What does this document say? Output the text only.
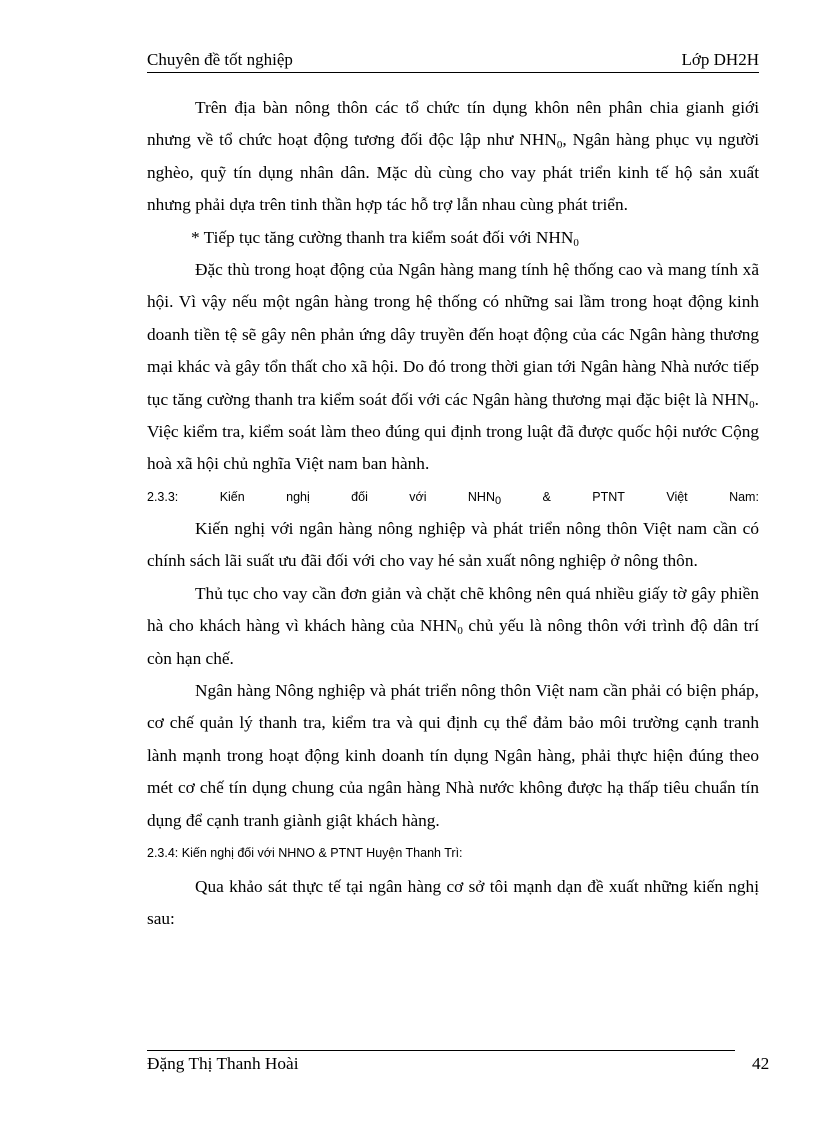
Chuyên đề tốt nghiệp	Lớp DH2H

Trên địa bàn nông thôn các tổ chức tín dụng khôn nên phân chia gianh giới nhưng về tổ chức hoạt động tương đối độc lập như $NHN_0$, Ngân hàng phục vụ người nghèo, quỹ tín dụng nhân dân. Mặc dù cùng cho vay phát triển kinh tế hộ sản xuất nhưng phải dựa trên tinh thần hợp tác hỗ trợ lẫn nhau cùng phát triển.

* Tiếp tục tăng cường thanh tra kiểm soát đối với $NHN_0$

Đặc thù trong hoạt động của Ngân hàng mang tính hệ thống cao và mang tính xã hội. Vì vậy nếu một ngân hàng trong hệ thống có những sai lầm trong hoạt động kinh doanh tiền tệ sẽ gây nên phản ứng dây truyền đến hoạt động của các Ngân hàng thương mại khác và gây tổn thất cho xã hội. Do đó trong thời gian tới Ngân hàng Nhà nước tiếp tục tăng cường thanh tra kiểm soát đối với các Ngân hàng thương mại đặc biệt là $NHN_0$. Việc kiểm tra, kiểm soát làm theo đúng qui định trong luật đã được quốc hội nước Cộng hoà xã hội chủ nghĩa Việt nam ban hành.

2.3.3:	Kiến	nghị	đối	với	$NHN_0$	&	PTNT	Việt	Nam:

Kiến nghị với ngân hàng nông nghiệp và phát triển nông thôn Việt nam cần có chính sách lãi suất ưu đãi đối với cho vay hé sản xuất nông nghiệp ở nông thôn.

Thủ tục cho vay cần đơn giản và chặt chẽ không nên quá nhiều giấy tờ gây phiền hà cho khách hàng vì khách hàng của $NHN_0$ chủ yếu là nông thôn với trình độ dân trí còn hạn chế.

Ngân hàng Nông nghiệp và phát triển nông thôn Việt nam cần phải có biện pháp, cơ chế quản lý thanh tra, kiểm tra và qui định cụ thể đảm bảo môi trường cạnh tranh lành mạnh trong hoạt động kinh doanh tín dụng Ngân hàng, phải thực hiện đúng theo mét cơ chế tín dụng chung của ngân hàng Nhà nước không được hạ thấp tiêu chuẩn tín dụng để cạnh tranh giành giật khách hàng.

2.3.4: Kiến nghị đối với NHNO & PTNT Huyện Thanh Trì:

Qua khảo sát thực tế tại ngân hàng cơ sở tôi mạnh dạn đề xuất những kiến nghị sau:

Đặng Thị Thanh Hoài	42
